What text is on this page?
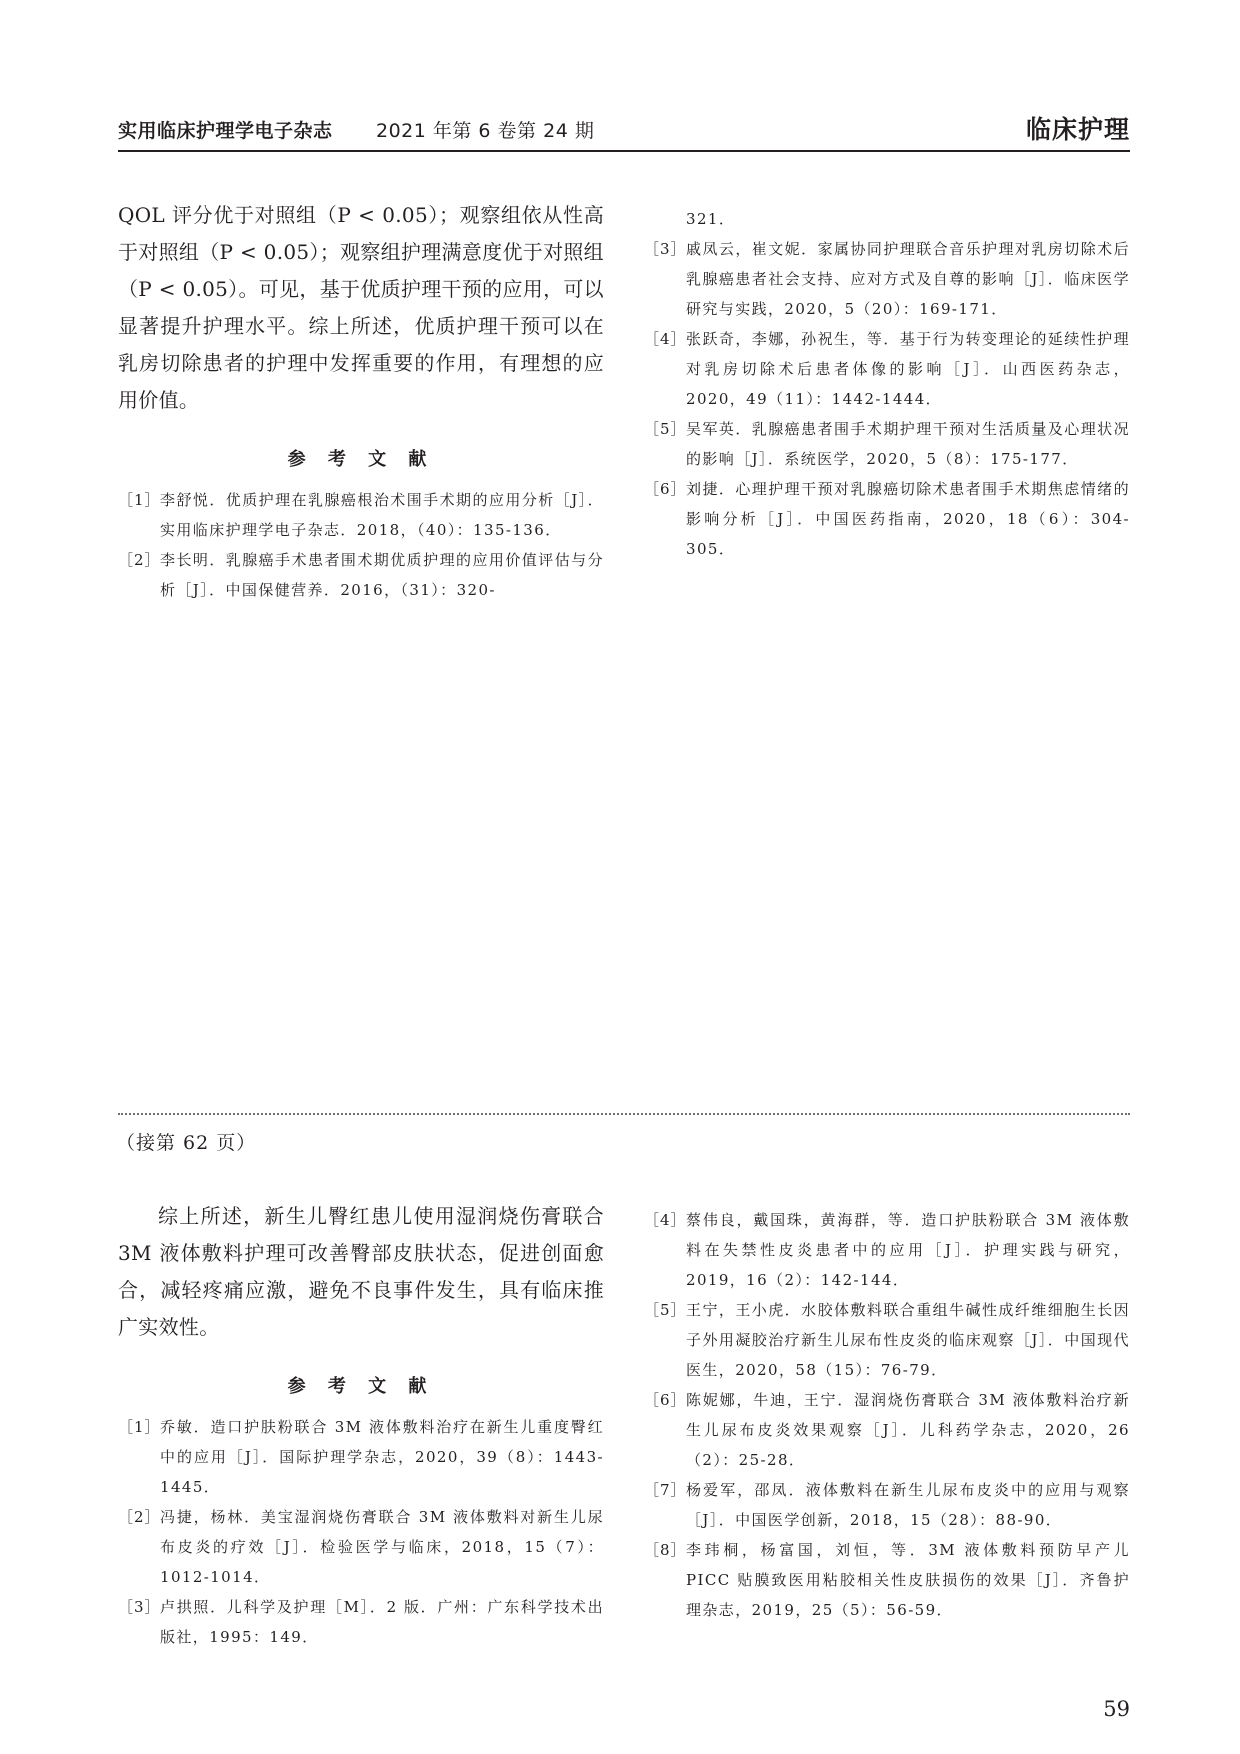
实用临床护理学电子杂志 2021 年第 6 卷第 24 期	临床护理

QOL 评分优于对照组（P < 0.05）；观察组依从性高于对照组（P < 0.05）；观察组护理满意度优于对照组（P < 0.05）。可见，基于优质护理干预的应用，可以显著提升护理水平。综上所述，优质护理干预可以在乳房切除患者的护理中发挥重要的作用，有理想的应用价值。

参 考 文 献

［1］ 李舒悦．优质护理在乳腺癌根治术围手术期的应用分析［J］．实用临床护理学电子杂志．2018，（40）：135-136．
［2］ 李长明．乳腺癌手术患者围术期优质护理的应用价值评估与分析［J］．中国保健营养．2016，（31）：320-

321．

［3］ 戚凤云，崔文妮．家属协同护理联合音乐护理对乳房切除术后乳腺癌患者社会支持、应对方式及自尊的影响［J］．临床医学研究与实践，2020，5（20）：169-171．
［4］ 张跃奇，李娜，孙祝生，等．基于行为转变理论的延续性护理对乳房切除术后患者体像的影响［J］．山西医药杂志，2020，49（11）：1442-1444．
［5］ 吴军英．乳腺癌患者围手术期护理干预对生活质量及心理状况的影响［J］．系统医学，2020，5（8）：175-177．
［6］ 刘捷．心理护理干预对乳腺癌切除术患者围手术期焦虑情绪的影响分析［J］．中国医药指南，2020，18（6）：304-305．
（接第 62 页）

综上所述，新生儿臀红患儿使用湿润烧伤膏联合 3M 液体敷料护理可改善臀部皮肤状态，促进创面愈合，减轻疼痛应激，避免不良事件发生，具有临床推广实效性。

参 考 文 献

［1］ 乔敏．造口护肤粉联合 3M 液体敷料治疗在新生儿重度臀红中的应用［J］．国际护理学杂志，2020，39（8）：1443-1445．
［2］ 冯捷，杨林．美宝湿润烧伤膏联合 3M 液体敷料对新生儿尿布皮炎的疗效［J］．检验医学与临床，2018，15（7）：1012-1014．
［3］ 卢拱照．儿科学及护理［M］．2 版．广州：广东科学技术出版社，1995：149．
［4］ 蔡伟良，戴国珠，黄海群，等．造口护肤粉联合 3M 液体敷料在失禁性皮炎患者中的应用［J］．护理实践与研究，2019，16（2）：142-144．
［5］ 王宁，王小虎．水胶体敷料联合重组牛碱性成纤维细胞生长因子外用凝胶治疗新生儿尿布性皮炎的临床观察［J］．中国现代医生，2020，58（15）：76-79．
［6］ 陈妮娜，牛迪，王宁．湿润烧伤膏联合 3M 液体敷料治疗新生儿尿布皮炎效果观察［J］．儿科药学杂志，2020，26（2）：25-28．
［7］ 杨爱军，邵凤．液体敷料在新生儿尿布皮炎中的应用与观察［J］．中国医学创新，2018，15（28）：88-90．
［8］ 李玮桐，杨富国，刘恒，等．3M 液体敷料预防早产儿 PICC 贴膜致医用粘胶相关性皮肤损伤的效果［J］．齐鲁护理杂志，2019，25（5）：56-59．
59
